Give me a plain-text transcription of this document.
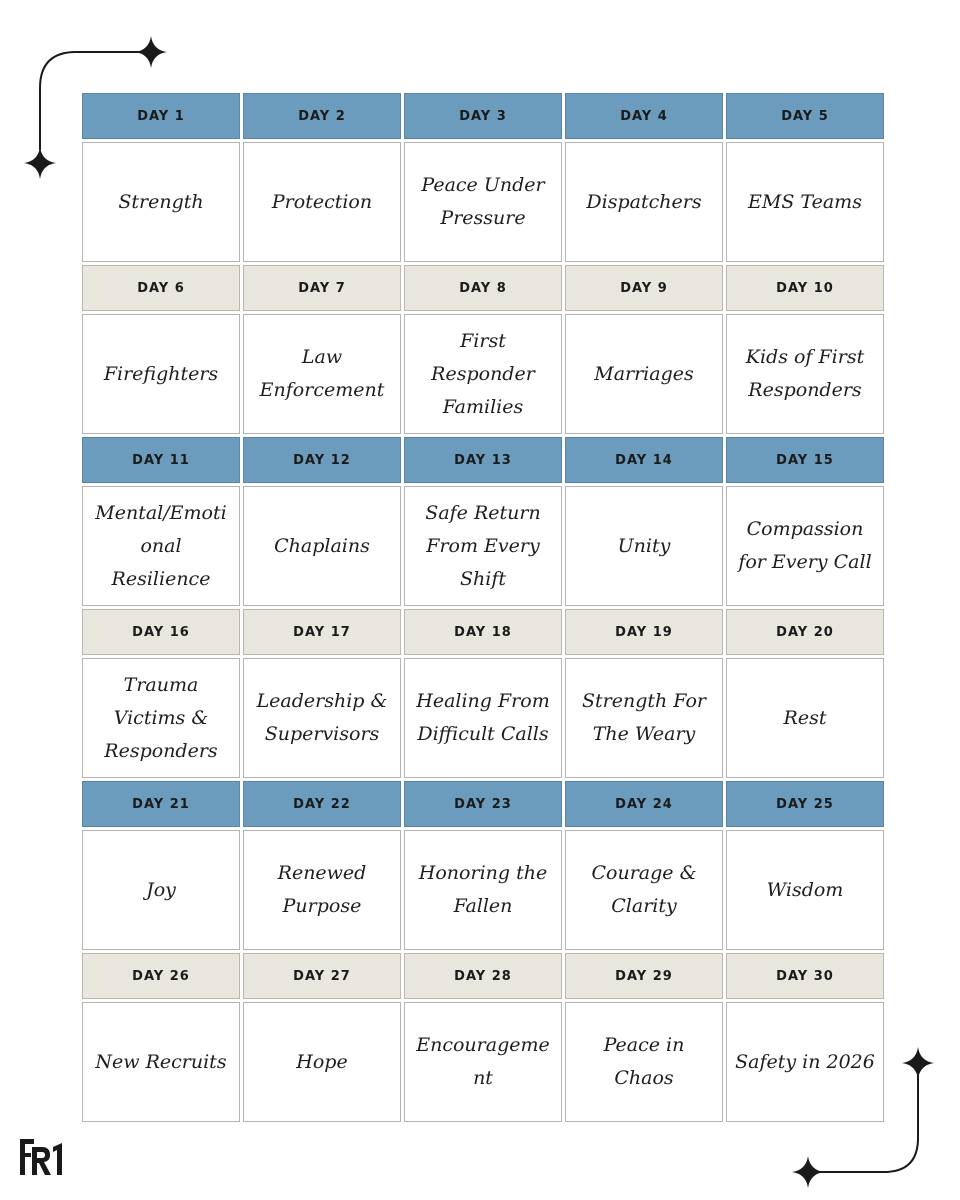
DAY 1
Strength
DAY 2
Protection
DAY 3
Peace Under Pressure
DAY 4
Dispatchers
DAY 5
EMS Teams
DAY 6
Firefighters
DAY 7
Law Enforcement
DAY 8
First Responder Families
DAY 9
Marriages
DAY 10
Kids of First Responders
DAY 11
Mental/Emotional Resilience
DAY 12
Chaplains
DAY 13
Safe Return From Every Shift
DAY 14
Unity
DAY 15
Compassion for Every Call
DAY 16
Trauma Victims & Responders
DAY 17
Leadership & Supervisors
DAY 18
Healing From Difficult Calls
DAY 19
Strength For The Weary
DAY 20
Rest
DAY 21
Joy
DAY 22
Renewed Purpose
DAY 23
Honoring the Fallen
DAY 24
Courage & Clarity
DAY 25
Wisdom
DAY 26
New Recruits
DAY 27
Hope
DAY 28
Encouragement
DAY 29
Peace in Chaos
DAY 30
Safety in 2026
